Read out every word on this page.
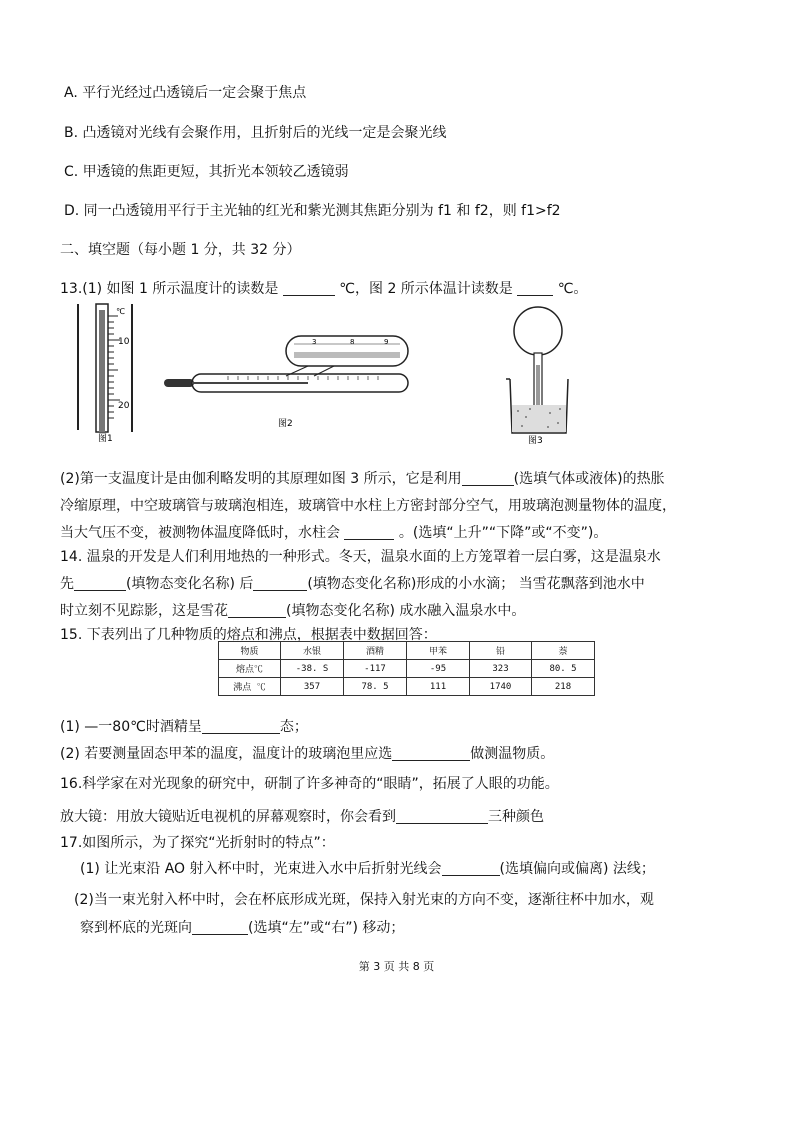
A. 平行光经过凸透镜后一定会聚于焦点
B. 凸透镜对光线有会聚作用，且折射后的光线一定是会聚光线
C. 甲透镜的焦距更短，其折光本领较乙透镜弱
D. 同一凸透镜用平行于主光轴的红光和紫光测其焦距分别为 f1 和 f2，则 f1>f2
二、填空题（每小题 1 分，共 32 分）
13.(1) 如图 1 所示温度计的读数是	℃，图 2 所示体温计读数是	℃。
℃
10
20
图1
3	8	9
图2
图3
(2)第一支温度计是由伽利略发明的其原理如图 3 所示，它是利用	(选填气体或液体)的热胀
冷缩原理，中空玻璃管与玻璃泡相连，玻璃管中水柱上方密封部分空气，用玻璃泡测量物体的温度，
当大气压不变，被测物体温度降低时，水柱会	。(选填“上升”“下降”或“不变”)。
14. 温泉的开发是人们利用地热的一种形式。冬天，温泉水面的上方笼罩着一层白雾，这是温泉水
先	(填物态变化名称) 后	(填物态变化名称)形成的小水滴； 当雪花飘落到池水中
时立刻不见踪影，这是雪花	(填物态变化名称) 成水融入温泉水中。
15. 下表列出了几种物质的熔点和沸点，根据表中数据回答：
物质	水银	酒精	甲苯	铅	萘
熔点℃	-38. S	-117	-95	323	80. 5
沸点 ℃	357	78. 5	111	1740	218
(1) —一80℃时酒精呈	态；
(2) 若要测量固态甲苯的温度，温度计的玻璃泡里应选	做测温物质。
16.科学家在对光现象的研究中，研制了许多神奇的“眼睛”，拓展了人眼的功能。
放大镜：用放大镜贴近电视机的屏幕观察时，你会看到	三种颜色
17.如图所示，为了探究“光折射时的特点”：
(1) 让光束沿 AO 射入杯中时，光束进入水中后折射光线会	(选填偏向或偏离) 法线；
(2)当一束光射入杯中时，会在杯底形成光斑，保持入射光束的方向不变，逐渐往杯中加水，观
察到杯底的光斑向	(选填“左”或“右”) 移动；
第 3 页 共 8 页
